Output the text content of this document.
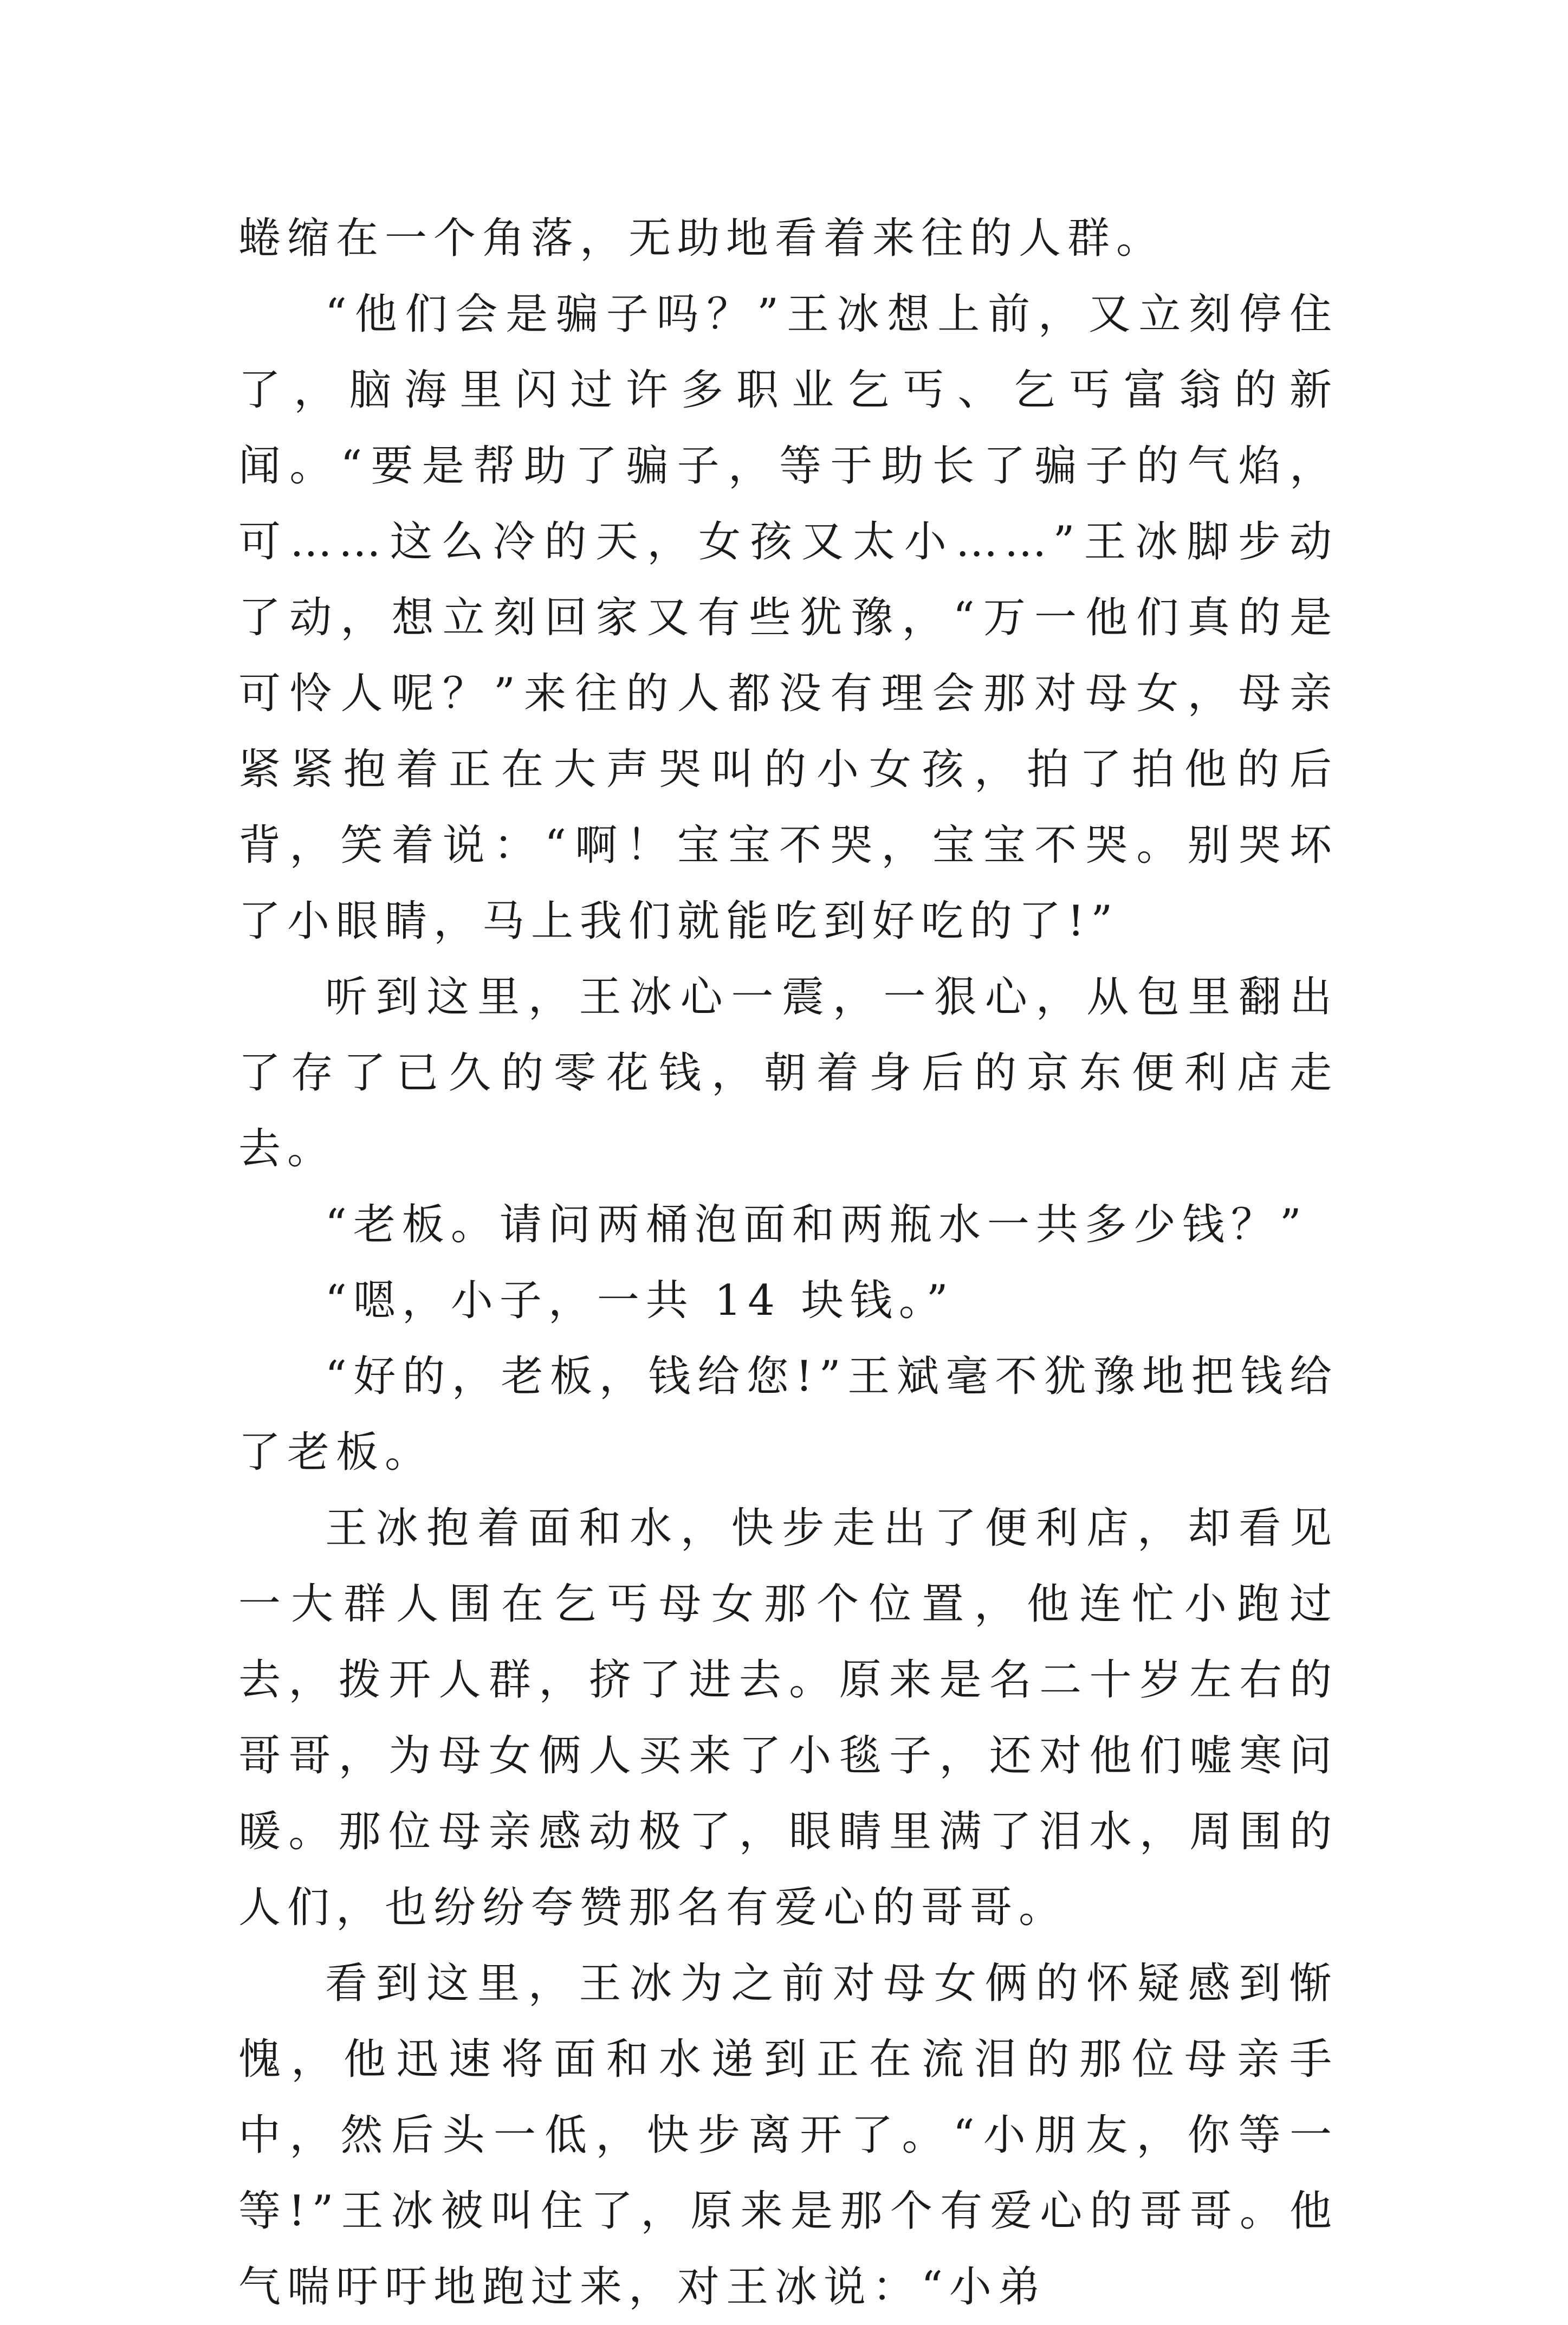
蜷缩在一个角落，无助地看着来往的人群。

“他们会是骗子吗？”王冰想上前，又立刻停住了，脑海里闪过许多职业乞丐、乞丐富翁的新闻。“要是帮助了骗子，等于助长了骗子的气焰，可……这么冷的天，女孩又太小……”王冰脚步动了动，想立刻回家又有些犹豫，“万一他们真的是可怜人呢？”来往的人都没有理会那对母女，母亲紧紧抱着正在大声哭叫的小女孩，拍了拍他的后背，笑着说：“啊！宝宝不哭，宝宝不哭。别哭坏了小眼睛，马上我们就能吃到好吃的了!”

听到这里，王冰心一震，一狠心，从包里翻出了存了已久的零花钱，朝着身后的京东便利店走去。

“老板。请问两桶泡面和两瓶水一共多少钱？”

“嗯，小子，一共 14 块钱。”

“好的，老板，钱给您!”王斌毫不犹豫地把钱给了老板。

王冰抱着面和水，快步走出了便利店，却看见一大群人围在乞丐母女那个位置，他连忙小跑过去，拨开人群，挤了进去。原来是名二十岁左右的哥哥，为母女俩人买来了小毯子，还对他们嘘寒问暖。那位母亲感动极了，眼睛里满了泪水，周围的人们，也纷纷夸赞那名有爱心的哥哥。

看到这里，王冰为之前对母女俩的怀疑感到惭愧，他迅速将面和水递到正在流泪的那位母亲手中，然后头一低，快步离开了。“小朋友，你等一等!”王冰被叫住了，原来是那个有爱心的哥哥。他气喘吁吁地跑过来，对王冰说：“小弟
